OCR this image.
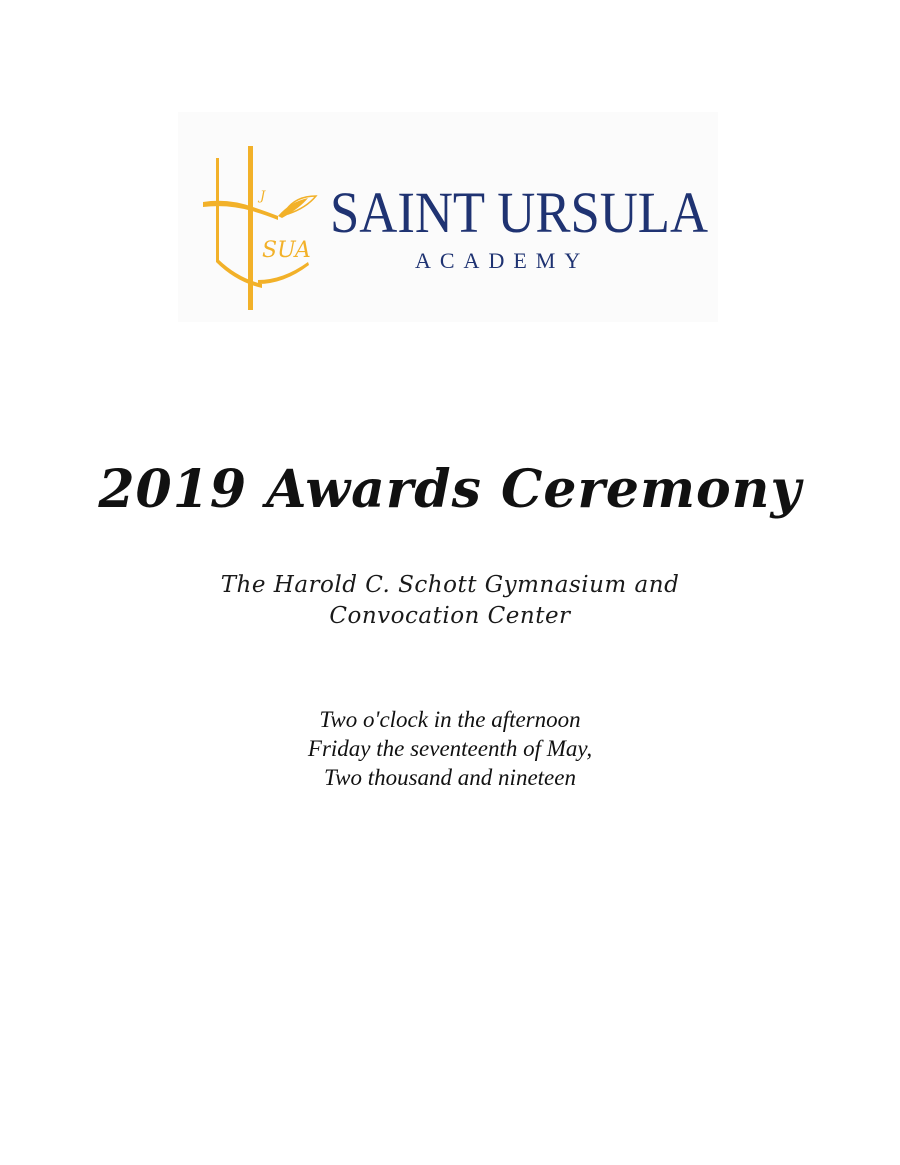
J
SUA
SAINT URSULA
ACADEMY
2019 Awards Ceremony
The Harold C. Schott Gymnasium and
Convocation Center
Two o'clock in the afternoon
Friday the seventeenth of May,
Two thousand and nineteen
